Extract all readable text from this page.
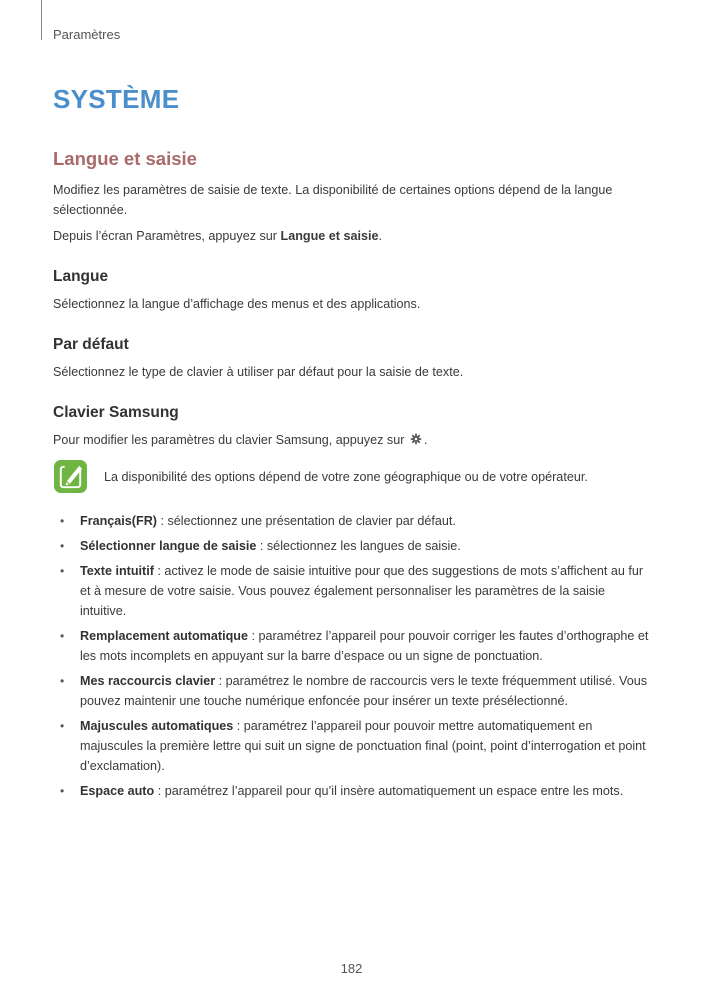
Paramètres
SYSTÈME
Langue et saisie

Modifiez les paramètres de saisie de texte. La disponibilité de certaines options dépend de la langue sélectionnée.

Depuis l’écran Paramètres, appuyez sur Langue et saisie.

Langue

Sélectionnez la langue d’affichage des menus et des applications.

Par défaut

Sélectionnez le type de clavier à utiliser par défaut pour la saisie de texte.

Clavier Samsung

Pour modifier les paramètres du clavier Samsung, appuyez sur .

La disponibilité des options dépend de votre zone géographique ou de votre opérateur.
• Français(FR) : sélectionnez une présentation de clavier par défaut.
• Sélectionner langue de saisie : sélectionnez les langues de saisie.
• Texte intuitif : activez le mode de saisie intuitive pour que des suggestions de mots s’affichent au fur et à mesure de votre saisie. Vous pouvez également personnaliser les paramètres de la saisie intuitive.
• Remplacement automatique : paramétrez l’appareil pour pouvoir corriger les fautes d’orthographe et les mots incomplets en appuyant sur la barre d’espace ou un signe de ponctuation.
• Mes raccourcis clavier : paramétrez le nombre de raccourcis vers le texte fréquemment utilisé. Vous pouvez maintenir une touche numérique enfoncée pour insérer un texte présélectionné.
• Majuscules automatiques : paramétrez l’appareil pour pouvoir mettre automatiquement en majuscules la première lettre qui suit un signe de ponctuation final (point, point d’interrogation et point d’exclamation).
• Espace auto : paramétrez l’appareil pour qu’il insère automatiquement un espace entre les mots.
182
